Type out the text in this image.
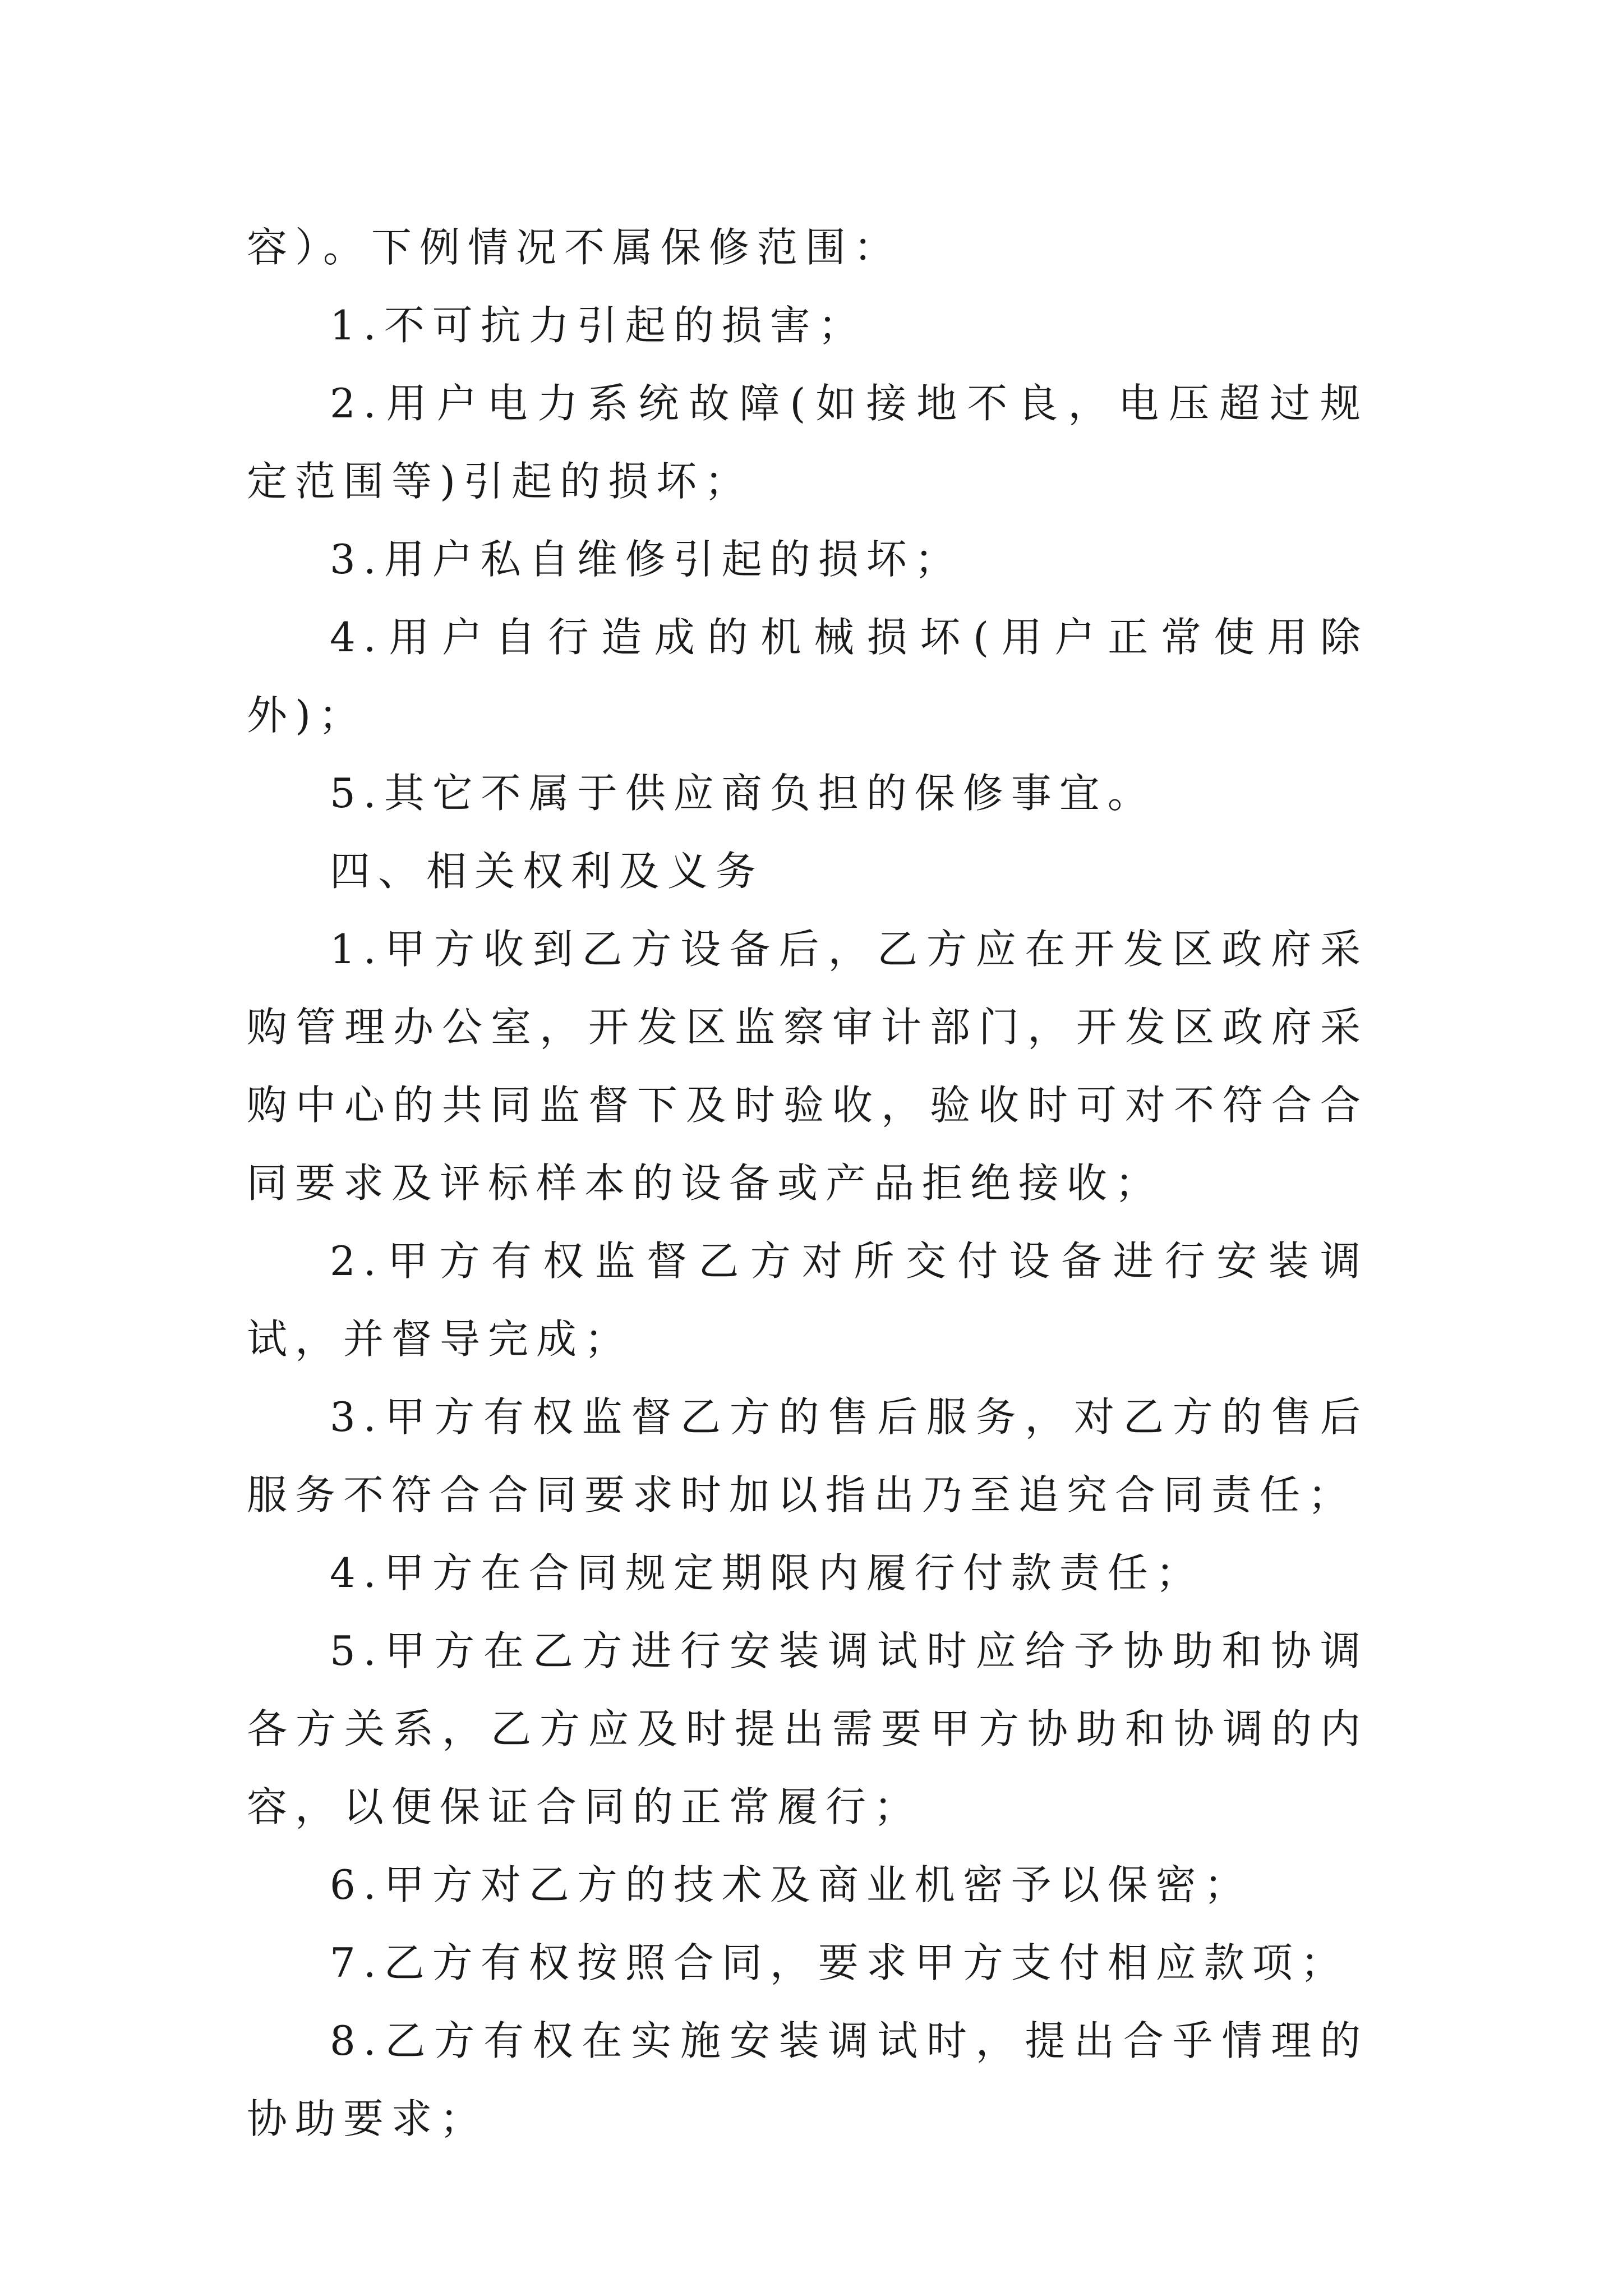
容）。下例情况不属保修范围：

1.不可抗力引起的损害；

2.用户电力系统故障(如接地不良，电压超过规定范围等)引起的损坏；

3.用户私自维修引起的损坏；

4.用户自行造成的机械损坏(用户正常使用除外)；

5.其它不属于供应商负担的保修事宜。

四、相关权利及义务

1.甲方收到乙方设备后，乙方应在开发区政府采购管理办公室，开发区监察审计部门，开发区政府采购中心的共同监督下及时验收，验收时可对不符合合同要求及评标样本的设备或产品拒绝接收；

2.甲方有权监督乙方对所交付设备进行安装调试，并督导完成；

3.甲方有权监督乙方的售后服务，对乙方的售后服务不符合合同要求时加以指出乃至追究合同责任；

4.甲方在合同规定期限内履行付款责任；

5.甲方在乙方进行安装调试时应给予协助和协调各方关系，乙方应及时提出需要甲方协助和协调的内容，以便保证合同的正常履行；

6.甲方对乙方的技术及商业机密予以保密；

7.乙方有权按照合同，要求甲方支付相应款项；

8.乙方有权在实施安装调试时，提出合乎情理的协助要求；
